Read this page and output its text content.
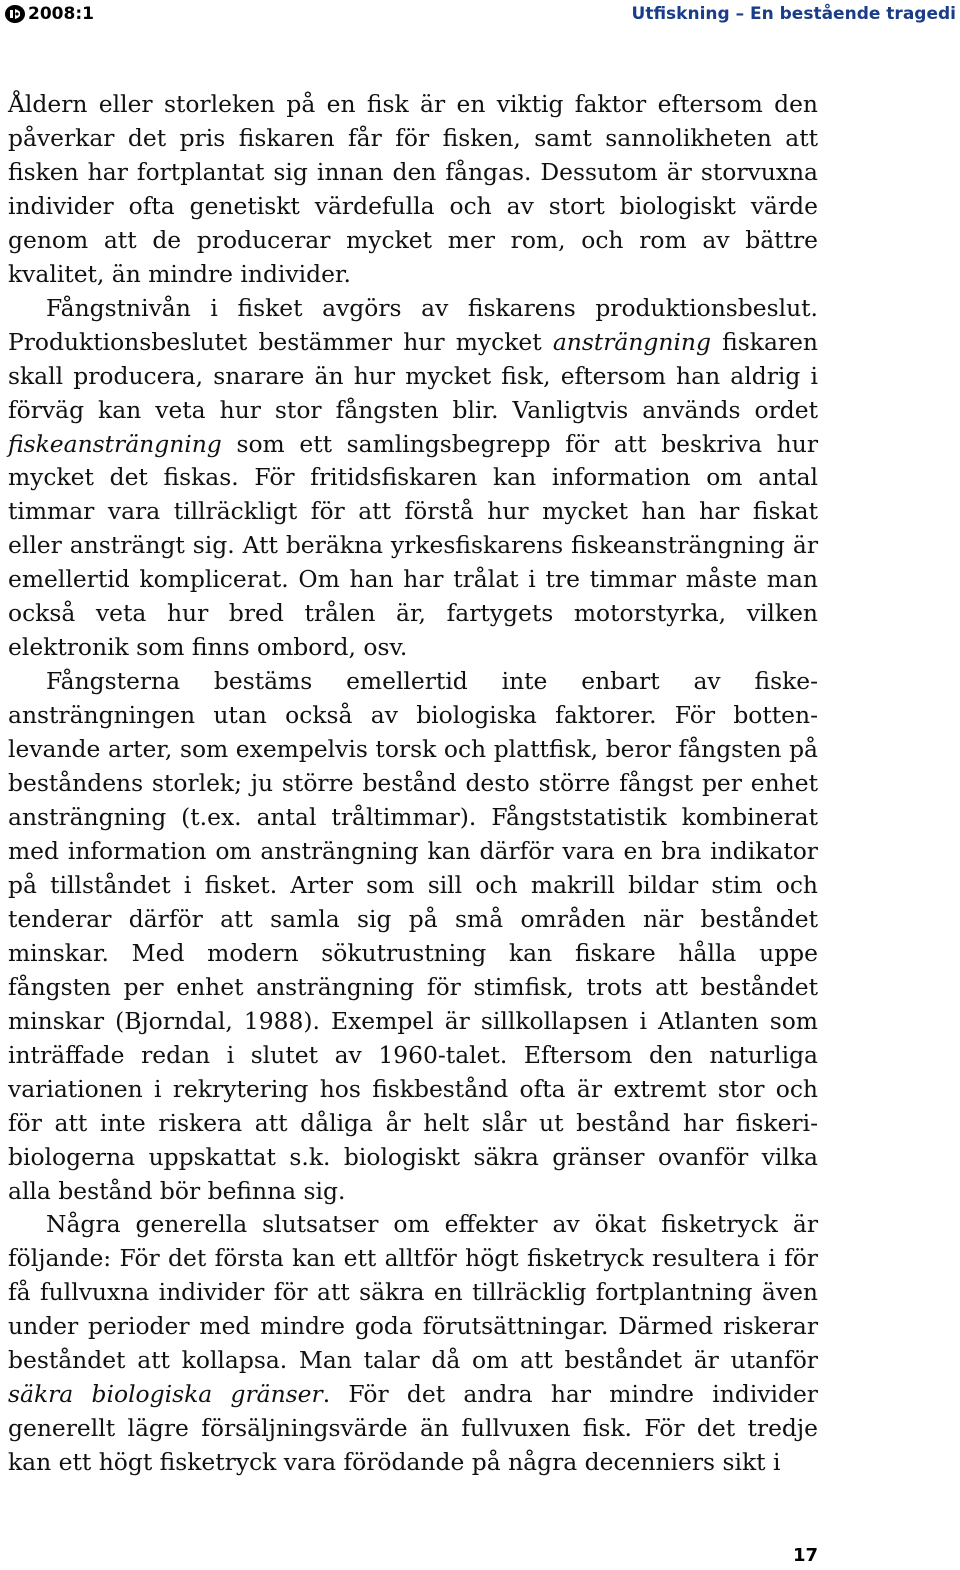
2008:1	Utfiskning – En bestående tragedi

Åldern eller storleken på en fisk är en viktig faktor eftersom den påverkar det pris fiskaren får för fisken, samt sannolikheten att fisken har fortplantat sig innan den fångas. Dessutom är storvuxna individer ofta genetiskt värdefulla och av stort biologiskt värde genom att de producerar mycket mer rom, och rom av bättre kvalitet, än mindre individer.

Fångstnivån i fisket avgörs av fiskarens produktionsbeslut. Produktionsbeslutet bestämmer hur mycket ansträngning fiskaren skall producera, snarare än hur mycket fisk, eftersom han aldrig i förväg kan veta hur stor fångsten blir. Vanligtvis används ordet fiskeansträngning som ett samlingsbegrepp för att beskriva hur mycket det fiskas. För fritidsfiskaren kan information om antal timmar vara tillräckligt för att förstå hur mycket han har fiskat eller ansträngt sig. Att beräkna yrkesfiskarens fiskeansträngning är emellertid komplicerat. Om han har trålat i tre timmar måste man också veta hur bred trålen är, fartygets motorstyrka, vilken elektronik som finns ombord, osv.

Fångsterna bestäms emellertid inte enbart av fiskeansträngningen utan också av biologiska faktorer. För bottenlevande arter, som exempelvis torsk och plattfisk, beror fångsten på beståndens storlek; ju större bestånd desto större fångst per enhet ansträngning (t.ex. antal tråltimmar). Fångststatistik kombinerat med information om ansträngning kan därför vara en bra indikator på tillståndet i fisket. Arter som sill och makrill bildar stim och tenderar därför att samla sig på små områden när beståndet minskar. Med modern sökutrustning kan fiskare hålla uppe fångsten per enhet ansträngning för stimfisk, trots att beståndet minskar (Bjorndal, 1988). Exempel är sillkollapsen i Atlanten som inträffade redan i slutet av 1960-talet. Eftersom den naturliga variationen i rekrytering hos fiskbestånd ofta är extremt stor och för att inte riskera att dåliga år helt slår ut bestånd har fiskeribiologerna uppskattat s.k. biologiskt säkra gränser ovanför vilka alla bestånd bör befinna sig.

Några generella slutsatser om effekter av ökat fisketryck är följande: För det första kan ett alltför högt fisketryck resultera i för få fullvuxna individer för att säkra en tillräcklig fortplantning även under perioder med mindre goda förutsättningar. Därmed riskerar beståndet att kollapsa. Man talar då om att beståndet är utanför säkra biologiska gränser. För det andra har mindre individer generellt lägre försäljningsvärde än fullvuxen fisk. För det tredje kan ett högt fisketryck vara förödande på några decenniers sikt i

17
